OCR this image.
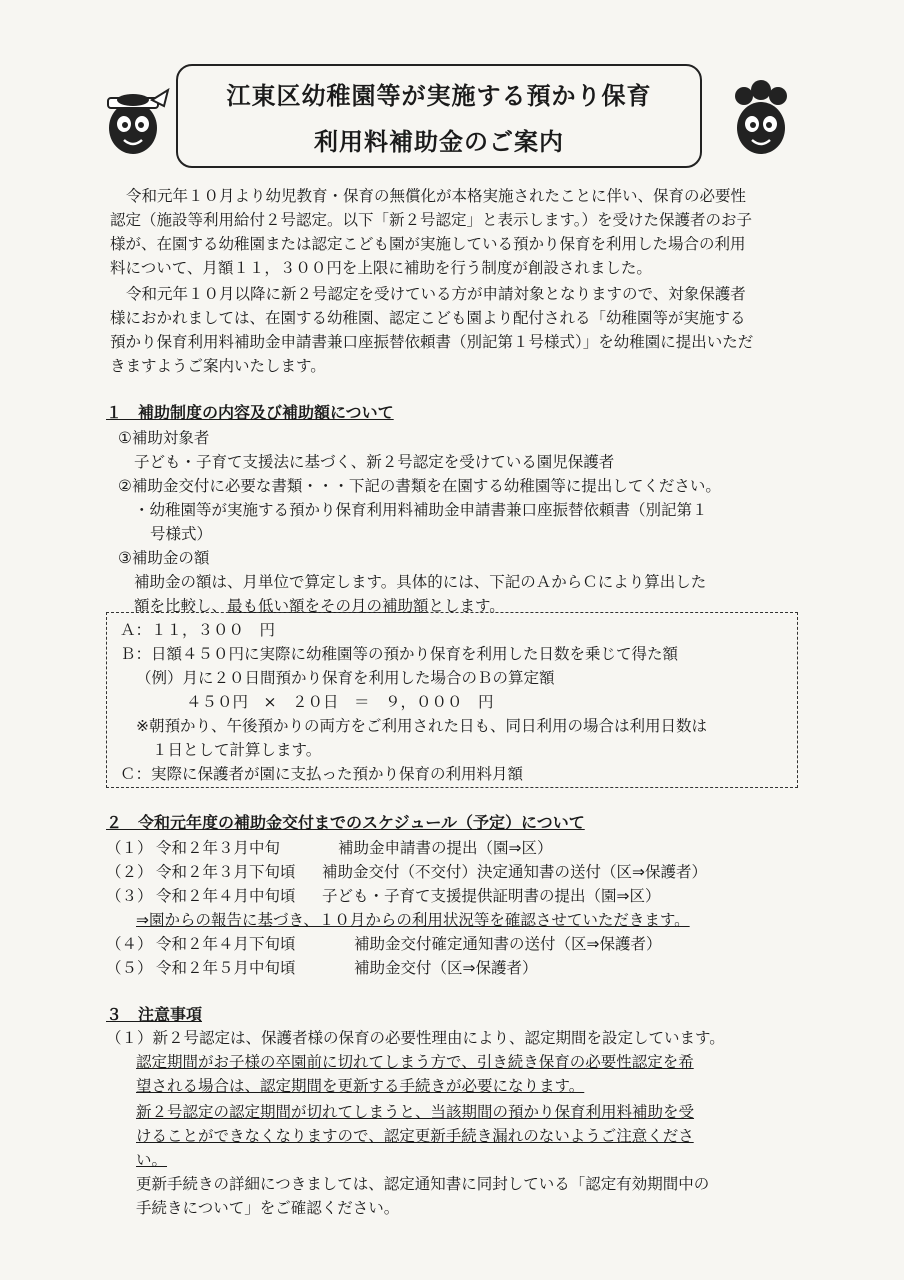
江東区幼稚園等が実施する預かり保育
利用料補助金のご案内

令和元年１０月より幼児教育・保育の無償化が本格実施されたことに伴い、保育の必要性

認定（施設等利用給付２号認定。以下「新２号認定」と表示します。）を受けた保護者のお子

様が、在園する幼稚園または認定こども園が実施している預かり保育を利用した場合の利用

料について、月額１１，３００円を上限に補助を行う制度が創設されました。

令和元年１０月以降に新２号認定を受けている方が申請対象となりますので、対象保護者

様におかれましては、在園する幼稚園、認定こども園より配付される「幼稚園等が実施する

預かり保育利用料補助金申請書兼口座振替依頼書（別記第１号様式）」を幼稚園に提出いただ

きますようご案内いたします。

１　補助制度の内容及び補助額について
①補助対象者
子ども・子育て支援法に基づく、新２号認定を受けている園児保護者
②補助金交付に必要な書類・・・下記の書類を在園する幼稚園等に提出してください。
・幼稚園等が実施する預かり保育利用料補助金申請書兼口座振替依頼書（別記第１
号様式）
③補助金の額
補助金の額は、月単位で算定します。具体的には、下記のＡからＣにより算出した
額を比較し、最も低い額をその月の補助額とします。
Ａ：１１，３００　円
Ｂ：日額４５０円に実際に幼稚園等の預かり保育を利用した日数を乗じて得た額
（例）月に２０日間預かり保育を利用した場合のＢの算定額
４５０円　×　２０日　＝　９，０００　円
※朝預かり、午後預かりの両方をご利用された日も、同日利用の場合は利用日数は
１日として計算します。
Ｃ：実際に保護者が園に支払った預かり保育の利用料月額
２　令和元年度の補助金交付までのスケジュール（予定）について
（１） 令和２年３月中旬	補助金申請書の提出（園⇒区）
（２） 令和２年３月下旬頃 補助金交付（不交付）決定通知書の送付（区⇒保護者）
（３） 令和２年４月中旬頃 子ども・子育て支援提供証明書の提出（園⇒区）
⇒園からの報告に基づき、１０月からの利用状況等を確認させていただきます。
（４） 令和２年４月下旬頃	補助金交付確定通知書の送付（区⇒保護者）
（５） 令和２年５月中旬頃	補助金交付（区⇒保護者）
３　注意事項
（１）新２号認定は、保護者様の保育の必要性理由により、認定期間を設定しています。
認定期間がお子様の卒園前に切れてしまう方で、引き続き保育の必要性認定を希
望される場合は、認定期間を更新する手続きが必要になります。
新２号認定の認定期間が切れてしまうと、当該期間の預かり保育利用料補助を受
けることができなくなりますので、認定更新手続き漏れのないようご注意くださ
い。
更新手続きの詳細につきましては、認定通知書に同封している「認定有効期間中の
手続きについて」をご確認ください。
